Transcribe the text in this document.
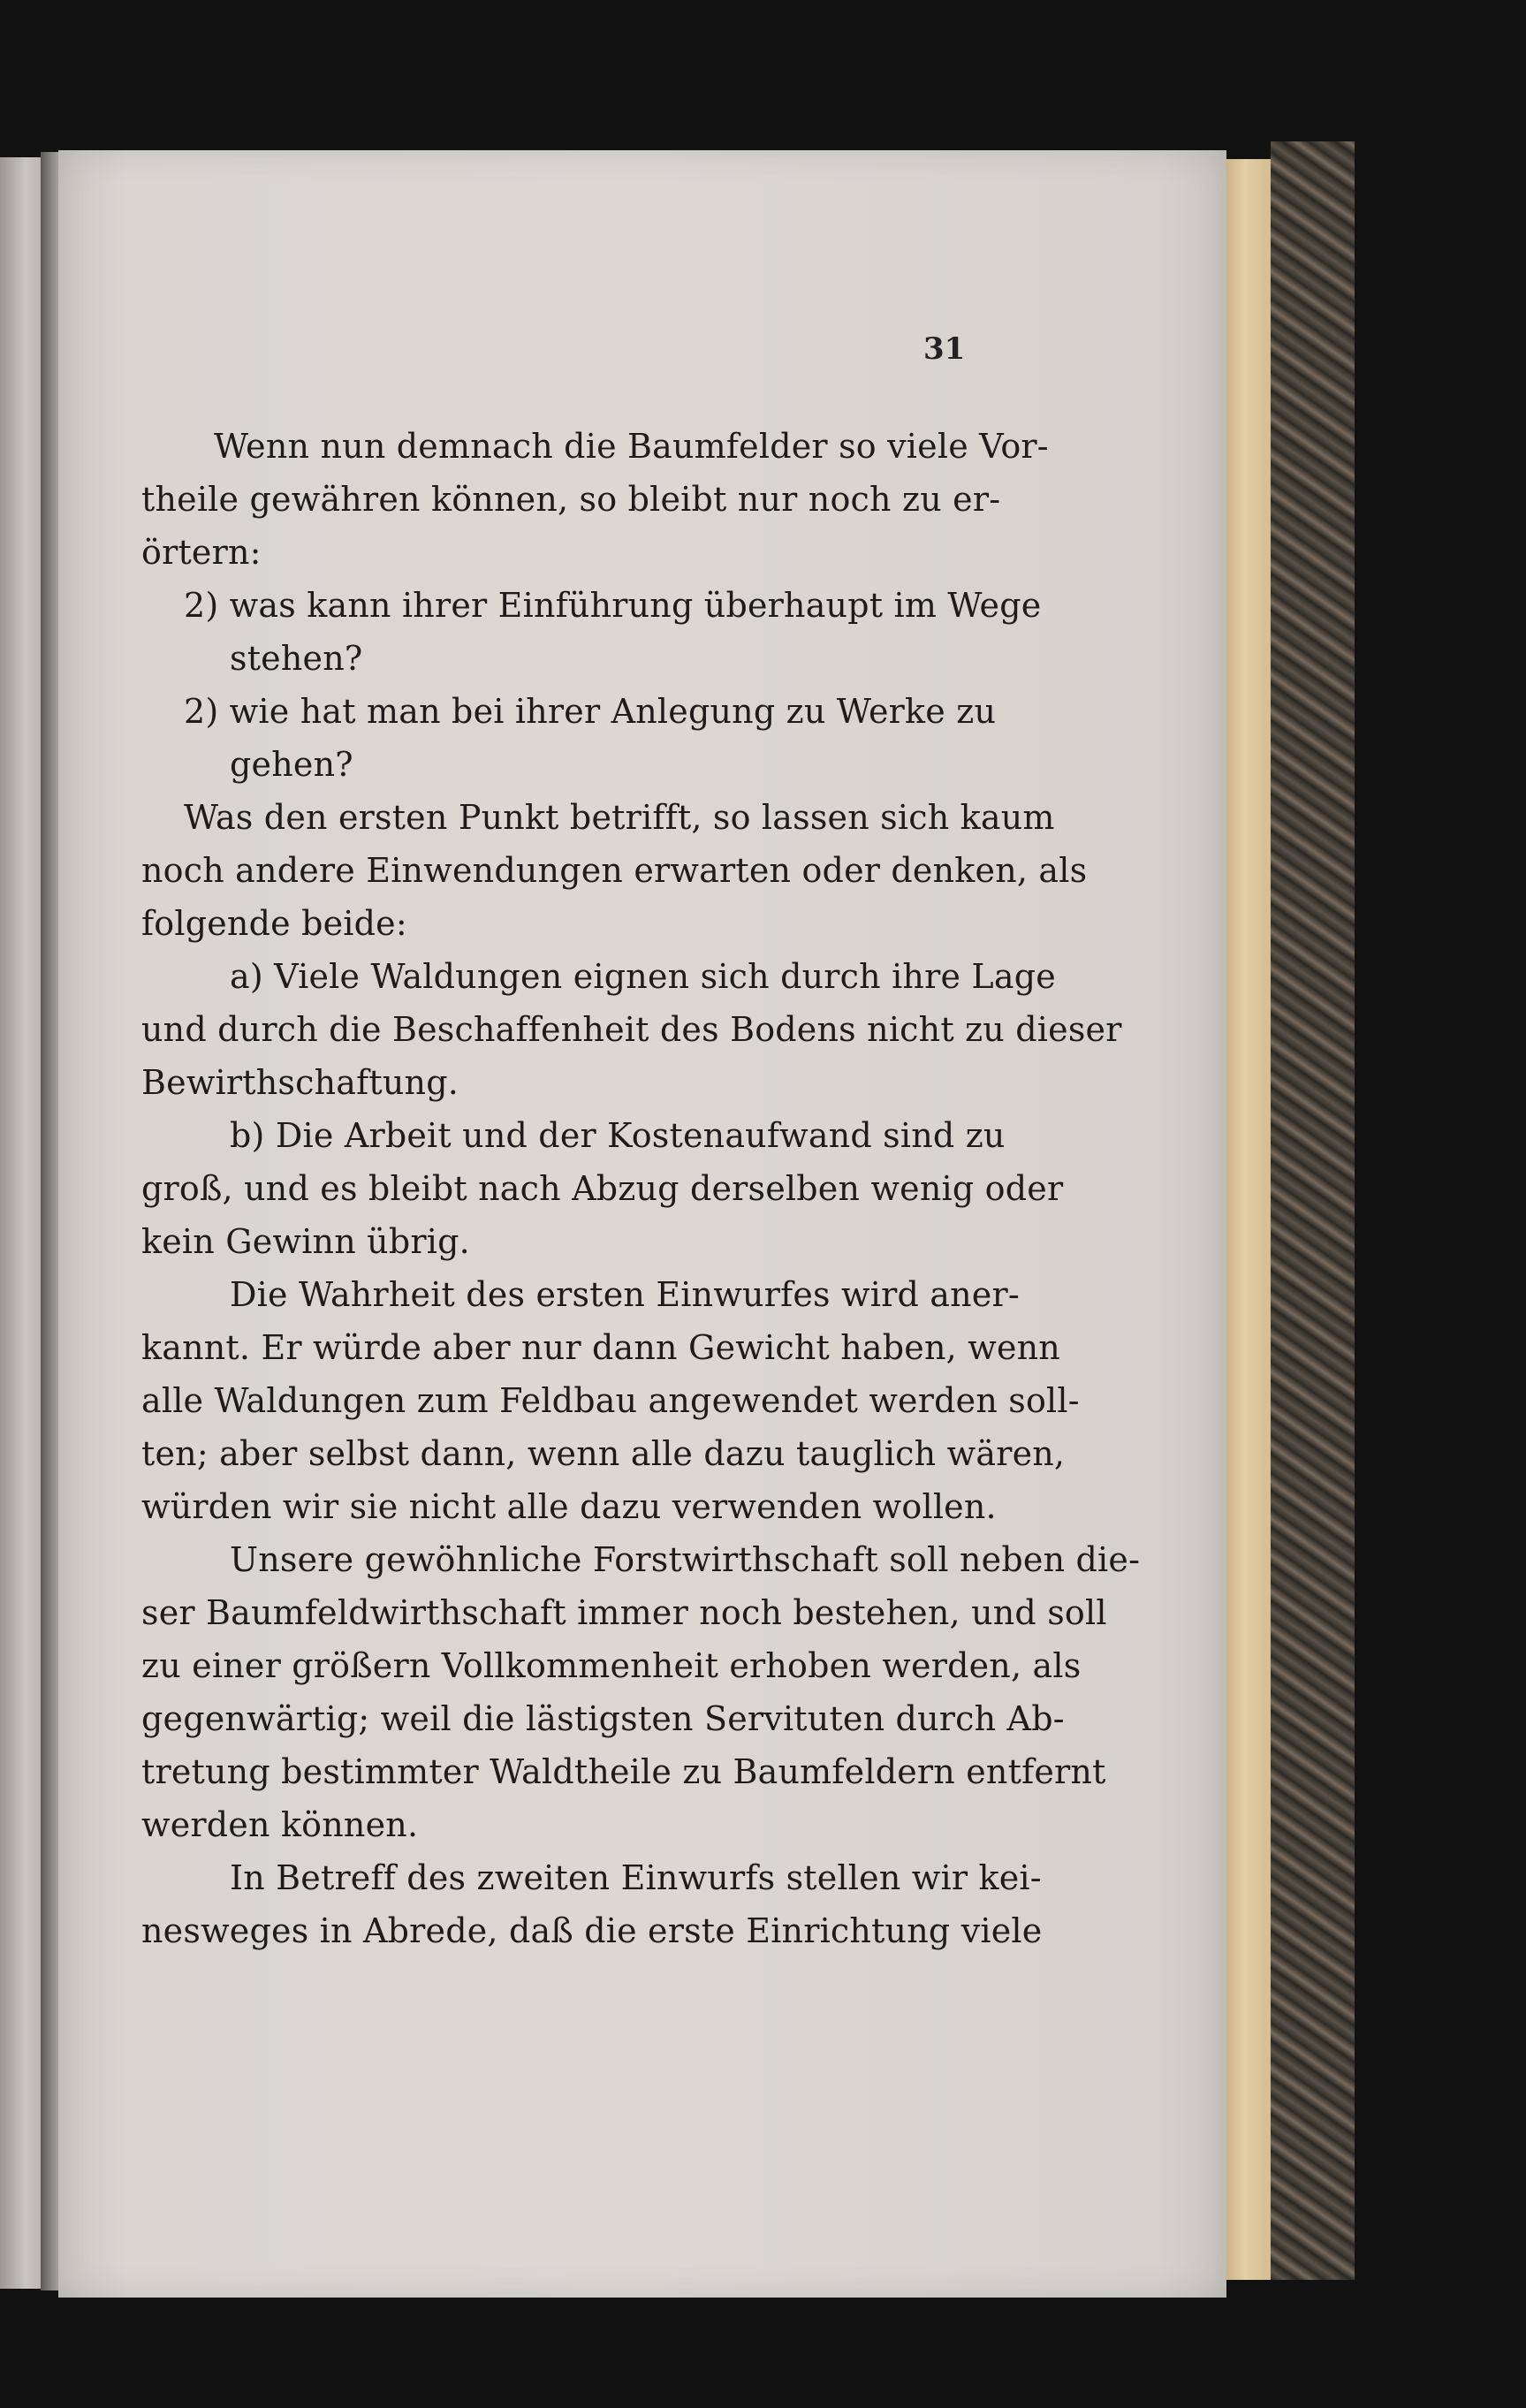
31
Wenn nun demnach die Baumfelder so viele Vor-
theile gewähren können, so bleibt nur noch zu er-
örtern:
2) was kann ihrer Einführung überhaupt im Wege
stehen?
2) wie hat man bei ihrer Anlegung zu Werke zu
gehen?
Was den ersten Punkt betrifft, so lassen sich kaum
noch andere Einwendungen erwarten oder denken, als
folgende beide:
a) Viele Waldungen eignen sich durch ihre Lage
und durch die Beschaffenheit des Bodens nicht zu dieser
Bewirthschaftung.
b) Die Arbeit und der Kostenaufwand sind zu
groß, und es bleibt nach Abzug derselben wenig oder
kein Gewinn übrig.
Die Wahrheit des ersten Einwurfes wird aner-
kannt. Er würde aber nur dann Gewicht haben, wenn
alle Waldungen zum Feldbau angewendet werden soll-
ten; aber selbst dann, wenn alle dazu tauglich wären,
würden wir sie nicht alle dazu verwenden wollen.
Unsere gewöhnliche Forstwirthschaft soll neben die-
ser Baumfeldwirthschaft immer noch bestehen, und soll
zu einer größern Vollkommenheit erhoben werden, als
gegenwärtig; weil die lästigsten Servituten durch Ab-
tretung bestimmter Waldtheile zu Baumfeldern entfernt
werden können.
In Betreff des zweiten Einwurfs stellen wir kei-
nesweges in Abrede, daß die erste Einrichtung viele
